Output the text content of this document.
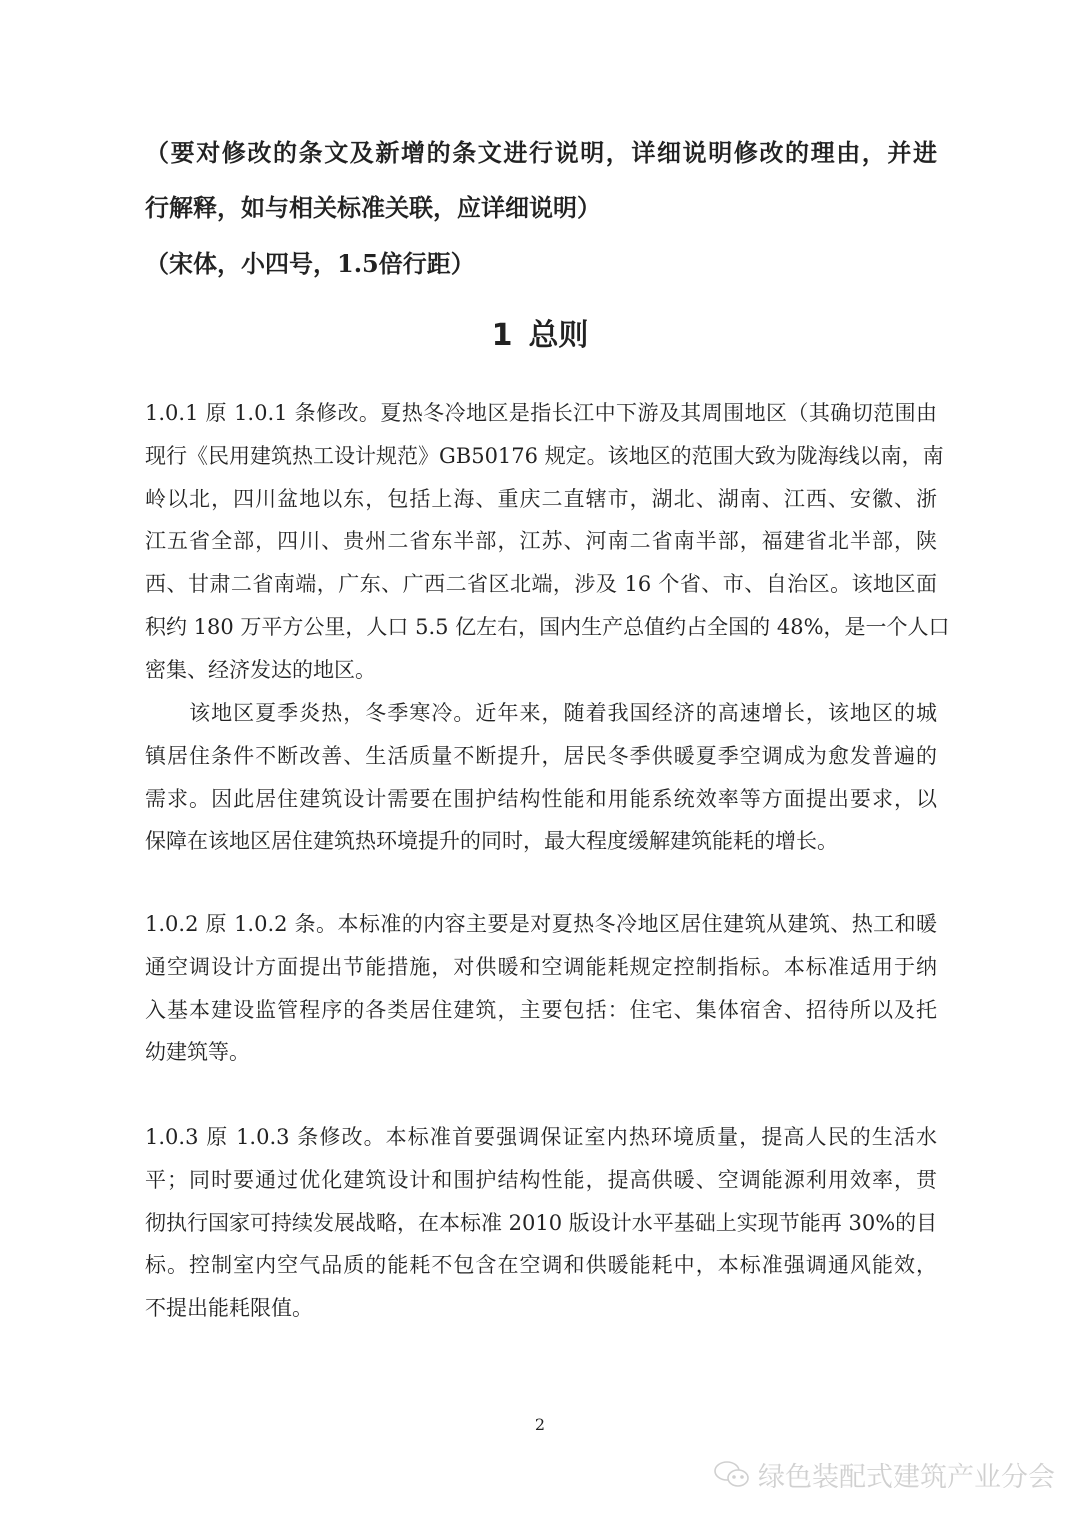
（要对修改的条文及新增的条文进行说明，详细说明修改的理由，并进
行解释，如与相关标准关联，应详细说明）
（宋体，小四号，1.5倍行距）
1 总则
1.0.1 原 1.0.1 条修改。夏热冬冷地区是指长江中下游及其周围地区（其确切范围由
现行《民用建筑热工设计规范》GB50176 规定。该地区的范围大致为陇海线以南，南
岭以北，四川盆地以东，包括上海、重庆二直辖市，湖北、湖南、江西、安徽、浙
江五省全部，四川、贵州二省东半部，江苏、河南二省南半部，福建省北半部，陕
西、甘肃二省南端，广东、广西二省区北端，涉及 16 个省、市、自治区。该地区面
积约 180 万平方公里，人口 5.5 亿左右，国内生产总值约占全国的 48%，是一个人口
密集、经济发达的地区。
　　该地区夏季炎热，冬季寒冷。近年来，随着我国经济的高速增长，该地区的城
镇居住条件不断改善、生活质量不断提升，居民冬季供暖夏季空调成为愈发普遍的
需求。因此居住建筑设计需要在围护结构性能和用能系统效率等方面提出要求，以
保障在该地区居住建筑热环境提升的同时，最大程度缓解建筑能耗的增长。
1.0.2 原 1.0.2 条。本标准的内容主要是对夏热冬冷地区居住建筑从建筑、热工和暖
通空调设计方面提出节能措施，对供暖和空调能耗规定控制指标。本标准适用于纳
入基本建设监管程序的各类居住建筑，主要包括：住宅、集体宿舍、招待所以及托
幼建筑等。
1.0.3 原 1.0.3 条修改。本标准首要强调保证室内热环境质量，提高人民的生活水
平；同时要通过优化建筑设计和围护结构性能，提高供暖、空调能源利用效率，贯
彻执行国家可持续发展战略，在本标准 2010 版设计水平基础上实现节能再 30%的目
标。控制室内空气品质的能耗不包含在空调和供暖能耗中，本标准强调通风能效，
不提出能耗限值。
2
绿色装配式建筑产业分会
